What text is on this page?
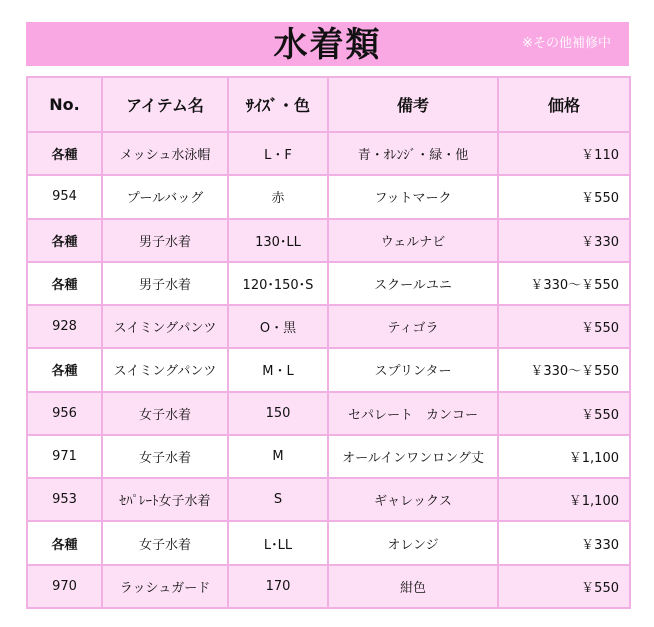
水着類	※その他補修中
No.	アイテム名	ｻｲｽﾞ・色	備考	価格
各種	メッシュ水泳帽	L・F	青・ｵﾚﾝｼﾞ・緑・他	￥110
954	プールバッグ	赤	フットマーク	￥550
各種	男子水着	130･LL	ウェルナビ	￥330
各種	男子水着	120･150･S	スクールユニ	￥330～￥550
928	スイミングパンツ	O・黒	ティゴラ	￥550
各種	スイミングパンツ	M・L	スプリンター	￥330～￥550
956	女子水着	150	セパレート　カンコー	￥550
971	女子水着	M	オールインワンロング丈	￥1,100
953	ｾﾊﾟﾚｰﾄ女子水着	S	ギャレックス	￥1,100
各種	女子水着	L･LL	オレンジ	￥330
970	ラッシュガード	170	紺色	￥550
